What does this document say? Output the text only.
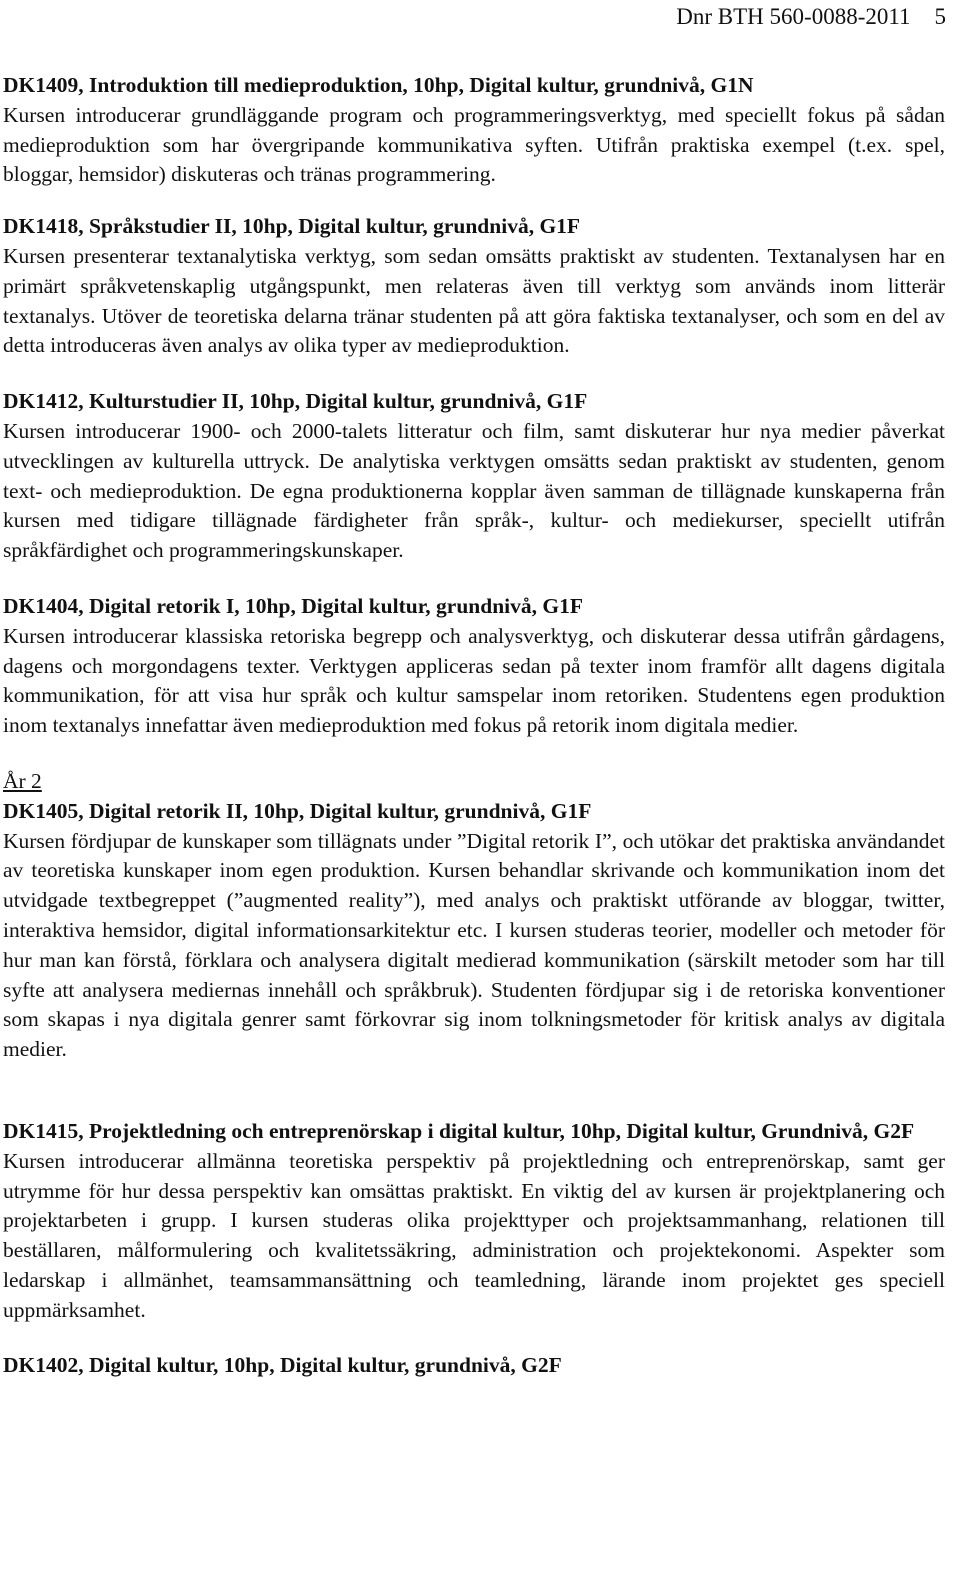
Dnr BTH 560-0088-2011 5

DK1409, Introduktion till medieproduktion, 10hp, Digital kultur, grundnivå, G1N

Kursen introducerar grundläggande program och programmeringsverktyg, med speciellt fokus på sådan medieproduktion som har övergripande kommunikativa syften. Utifrån praktiska exempel (t.ex. spel, bloggar, hemsidor) diskuteras och tränas programmering.

DK1418, Språkstudier II, 10hp, Digital kultur, grundnivå, G1F

Kursen presenterar textanalytiska verktyg, som sedan omsätts praktiskt av studenten. Textanalysen har en primärt språkvetenskaplig utgångspunkt, men relateras även till verktyg som används inom litterär textanalys. Utöver de teoretiska delarna tränar studenten på att göra faktiska textanalyser, och som en del av detta introduceras även analys av olika typer av medieproduktion.

DK1412, Kulturstudier II, 10hp, Digital kultur, grundnivå, G1F

Kursen introducerar 1900- och 2000-talets litteratur och film, samt diskuterar hur nya medier påverkat utvecklingen av kulturella uttryck. De analytiska verktygen omsätts sedan praktiskt av studenten, genom text- och medieproduktion. De egna produktionerna kopplar även samman de tillägnade kunskaperna från kursen med tidigare tillägnade färdigheter från språk-, kultur- och mediekurser, speciellt utifrån språkfärdighet och programmeringskunskaper.

DK1404, Digital retorik I, 10hp, Digital kultur, grundnivå, G1F

Kursen introducerar klassiska retoriska begrepp och analysverktyg, och diskuterar dessa utifrån gårdagens, dagens och morgondagens texter. Verktygen appliceras sedan på texter inom framför allt dagens digitala kommunikation, för att visa hur språk och kultur samspelar inom retoriken. Studentens egen produktion inom textanalys innefattar även medieproduktion med fokus på retorik inom digitala medier.

År 2

DK1405, Digital retorik II, 10hp, Digital kultur, grundnivå, G1F

Kursen fördjupar de kunskaper som tillägnats under ”Digital retorik I”, och utökar det praktiska användandet av teoretiska kunskaper inom egen produktion. Kursen behandlar skrivande och kommunikation inom det utvidgade textbegreppet (”augmented reality”), med analys och praktiskt utförande av bloggar, twitter, interaktiva hemsidor, digital informationsarkitektur etc. I kursen studeras teorier, modeller och metoder för hur man kan förstå, förklara och analysera digitalt medierad kommunikation (särskilt metoder som har till syfte att analysera mediernas innehåll och språkbruk). Studenten fördjupar sig i de retoriska konventioner som skapas i nya digitala genrer samt förkovrar sig inom tolkningsmetoder för kritisk analys av digitala medier.

DK1415, Projektledning och entreprenörskap i digital kultur, 10hp, Digital kultur, Grundnivå, G2F

Kursen introducerar allmänna teoretiska perspektiv på projektledning och entreprenörskap, samt ger utrymme för hur dessa perspektiv kan omsättas praktiskt. En viktig del av kursen är projektplanering och projektarbeten i grupp. I kursen studeras olika projekttyper och projektsammanhang, relationen till beställaren, målformulering och kvalitetssäkring, administration och projektekonomi. Aspekter som ledarskap i allmänhet, teamsammansättning och teamledning, lärande inom projektet ges speciell uppmärksamhet.

DK1402, Digital kultur, 10hp, Digital kultur, grundnivå, G2F
